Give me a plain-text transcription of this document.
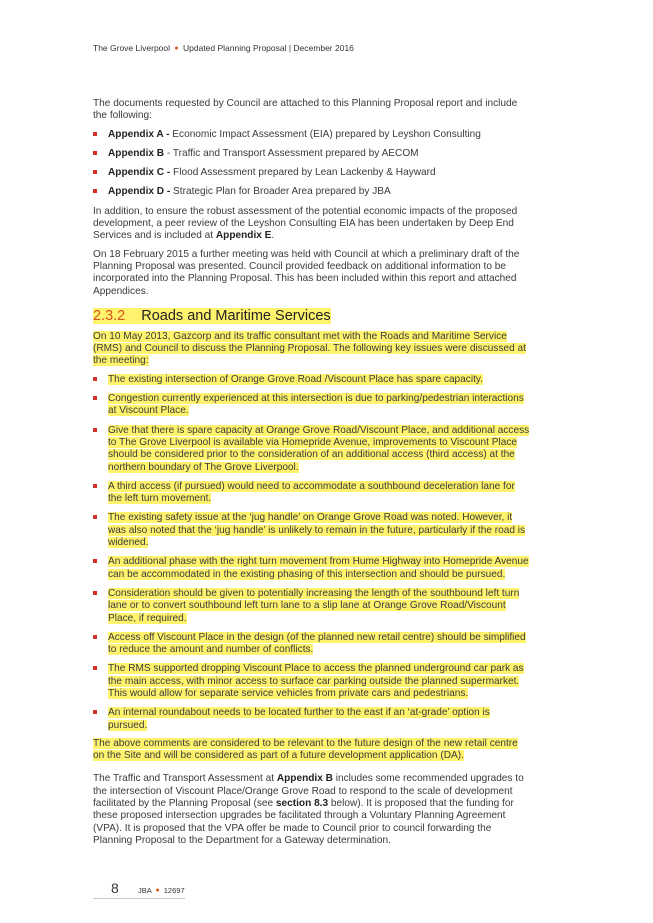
The Grove Liverpool ● Updated Planning Proposal | December 2016

The documents requested by Council are attached to this Planning Proposal report and include the following:

Appendix A - Economic Impact Assessment (EIA) prepared by Leyshon Consulting
Appendix B - Traffic and Transport Assessment prepared by AECOM
Appendix C - Flood Assessment prepared by Lean Lackenby & Hayward
Appendix D - Strategic Plan for Broader Area prepared by JBA

In addition, to ensure the robust assessment of the potential economic impacts of the proposed development, a peer review of the Leyshon Consulting EIA has been undertaken by Deep End Services and is included at Appendix E.

On 18 February 2015 a further meeting was held with Council at which a preliminary draft of the Planning Proposal was presented. Council provided feedback on additional information to be incorporated into the Planning Proposal. This has been included within this report and attached Appendices.

2.3.2 Roads and Maritime Services

On 10 May 2013, Gazcorp and its traffic consultant met with the Roads and Maritime Service (RMS) and Council to discuss the Planning Proposal. The following key issues were discussed at the meeting:

The existing intersection of Orange Grove Road /Viscount Place has spare capacity.
Congestion currently experienced at this intersection is due to parking/pedestrian interactions at Viscount Place.
Give that there is spare capacity at Orange Grove Road/Viscount Place, and additional access to The Grove Liverpool is available via Homepride Avenue, improvements to Viscount Place should be considered prior to the consideration of an additional access (third access) at the northern boundary of The Grove Liverpool.
A third access (if pursued) would need to accommodate a southbound deceleration lane for the left turn movement.
The existing safety issue at the ‘jug handle’ on Orange Grove Road was noted. However, it was also noted that the ‘jug handle’ is unlikely to remain in the future, particularly if the road is widened.
An additional phase with the right turn movement from Hume Highway into Homepride Avenue can be accommodated in the existing phasing of this intersection and should be pursued.
Consideration should be given to potentially increasing the length of the southbound left turn lane or to convert southbound left turn lane to a slip lane at Orange Grove Road/Viscount Place, if required.
Access off Viscount Place in the design (of the planned new retail centre) should be simplified to reduce the amount and number of conflicts.
The RMS supported dropping Viscount Place to access the planned underground car park as the main access, with minor access to surface car parking outside the planned supermarket. This would allow for separate service vehicles from private cars and pedestrians.
An internal roundabout needs to be located further to the east if an ‘at-grade’ option is pursued.

The above comments are considered to be relevant to the future design of the new retail centre on the Site and will be considered as part of a future development application (DA).

The Traffic and Transport Assessment at Appendix B includes some recommended upgrades to the intersection of Viscount Place/Orange Grove Road to respond to the scale of development facilitated by the Planning Proposal (see section 8.3 below). It is proposed that the funding for these proposed intersection upgrades be facilitated through a Voluntary Planning Agreement (VPA). It is proposed that the VPA offer be made to Council prior to council forwarding the Planning Proposal to the Department for a Gateway determination.

8	JBA ● 12697
